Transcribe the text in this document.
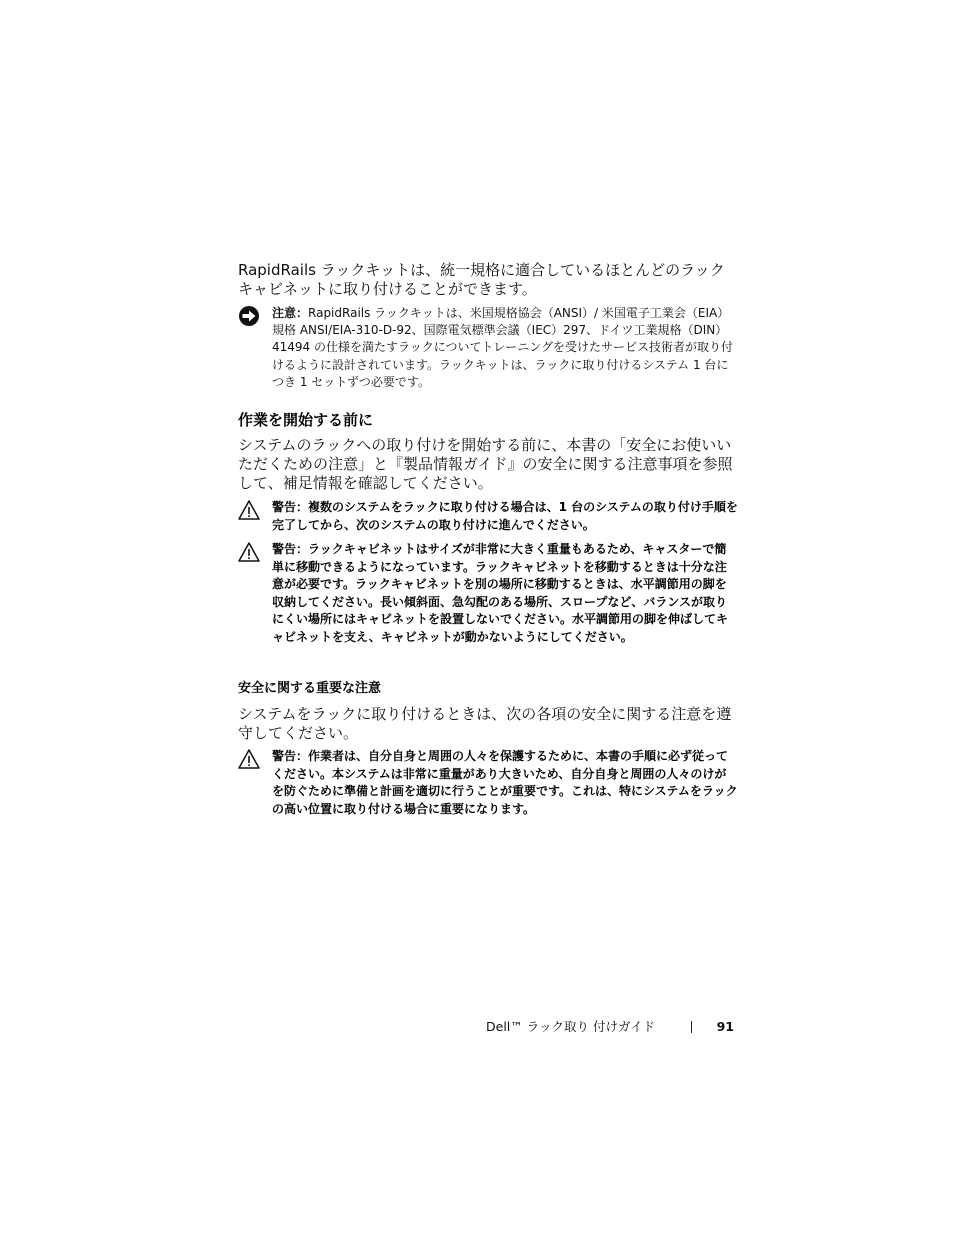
RapidRails ラックキットは、統一規格に適合しているほとんどのラックキャビネットに取り付けることができます。

注意：RapidRails ラックキットは、米国規格協会（ANSI）/ 米国電子工業会（EIA）規格 ANSI/EIA-310-D-92、国際電気標準会議（IEC）297、ドイツ工業規格（DIN）41494 の仕様を満たすラックについてトレーニングを受けたサービス技術者が取り付けるように設計されています。ラックキットは、ラックに取り付けるシステム 1 台につき 1 セットずつ必要です。

作業を開始する前に

システムのラックへの取り付けを開始する前に、本書の「安全にお使いいただくための注意」と『製品情報ガイド』の安全に関する注意事項を参照して、補足情報を確認してください。

警告：複数のシステムをラックに取り付ける場合は、1 台のシステムの取り付け手順を完了してから、次のシステムの取り付けに進んでください。

警告：ラックキャビネットはサイズが非常に大きく重量もあるため、キャスターで簡単に移動できるようになっています。ラックキャビネットを移動するときは十分な注意が必要です。ラックキャビネットを別の場所に移動するときは、水平調節用の脚を収納してください。長い傾斜面、急勾配のある場所、スロープなど、バランスが取りにくい場所にはキャビネットを設置しないでください。水平調節用の脚を伸ばしてキャビネットを支え、キャビネットが動かないようにしてください。

安全に関する重要な注意

システムをラックに取り付けるときは、次の各項の安全に関する注意を遵守してください。

警告：作業者は、自分自身と周囲の人々を保護するために、本書の手順に必ず従ってください。本システムは非常に重量があり大きいため、自分自身と周囲の人々のけがを防ぐために準備と計画を適切に行うことが重要です。これは、特にシステムをラックの高い位置に取り付ける場合に重要になります。

Dell™ ラック取り 付けガイド	91
